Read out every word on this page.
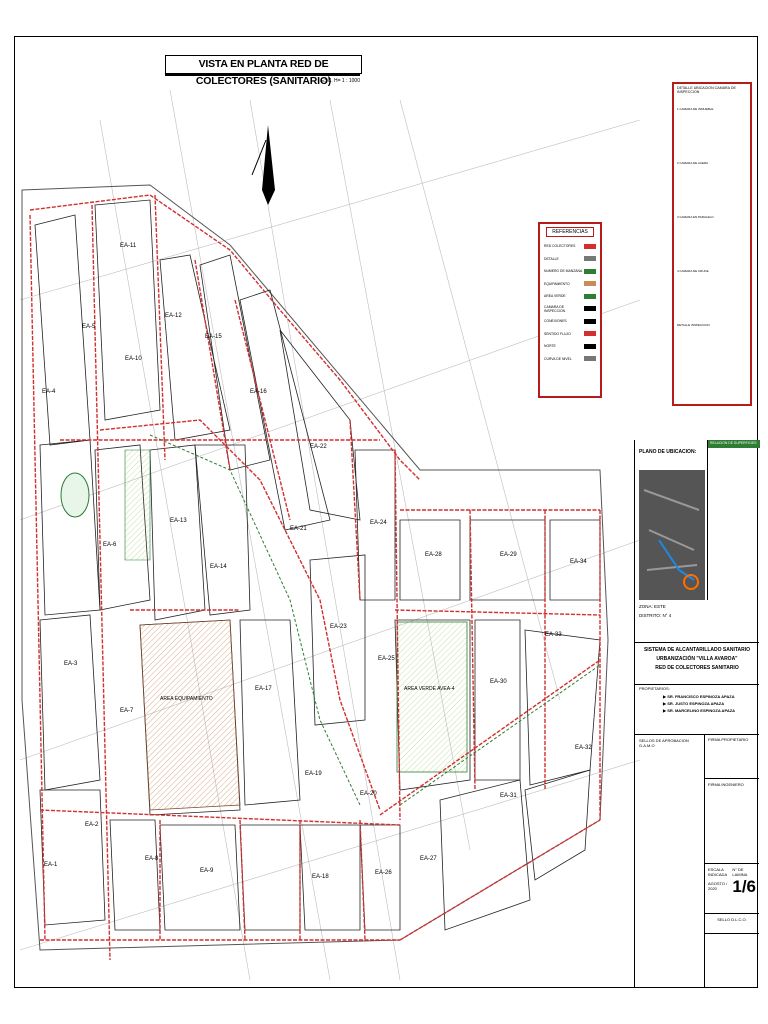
EA-1
EA-2
EA-3
EA-4
EA-5
EA-6
EA-7
EA-8
EA-9
EA-10
EA-11
EA-12
EA-13
EA-14
EA-15
EA-16
EA-17
EA-18
EA-19
EA-20
EA-21
EA-22
EA-23
EA-24
EA-25
EA-26
EA-27
EA-28	EA-29
EA-30
EA-31
EA-32
EA-33
EA-34
AREA VERDE AVEA-4
AREA EQUIPAMIENTO
VISTA EN PLANTA RED DE COLECTORES (SANITARIO)
ESC. H= 1 : 1000
REFERENCIAS
RED COLECTORES
DETALLE
NUMERO DE MANZANA
EQUIPAMIENTO
AREA VERDE
CAMARA DE INSPECCION
CONEXIONES
SENTIDO FLUJO
NORTE
CURVA DE NIVEL
DETALLE UBICACION CAMARA DE INSPECCION
1 CAMARA DE INMUEBLE
2 CAMARA DE ACERA
3 CAMARA EN PARALELO
4 CAMARA DE CRUCE
DETALLE INSPECCION
PLANO DE UBICACION:
RELACION DE SUPERFICIES
ZONA: ESTE
DISTRITO: N° 4
SISTEMA DE ALCANTARILLADO SANITARIO
URBANIZACIÓN "VILLA AVAROA"
RED DE COLECTORES SANITARIO
PROPIETARIOS:
▶ SR. FRANCISCO ESPINOZA APAZA
▶ SR. JUSTO ESPINOZA APAZA
▶ SR. MARCELINO ESPINOZA APAZA
SELLOS DE APROBACION G.A.M.O
FIRMA PROPIETARIO
FIRMA INGENIERO
ESCALA
INDICADA
AGOSTO / 2020
N° DE LAMINA
1/6
SELLO D.L.C.O.
